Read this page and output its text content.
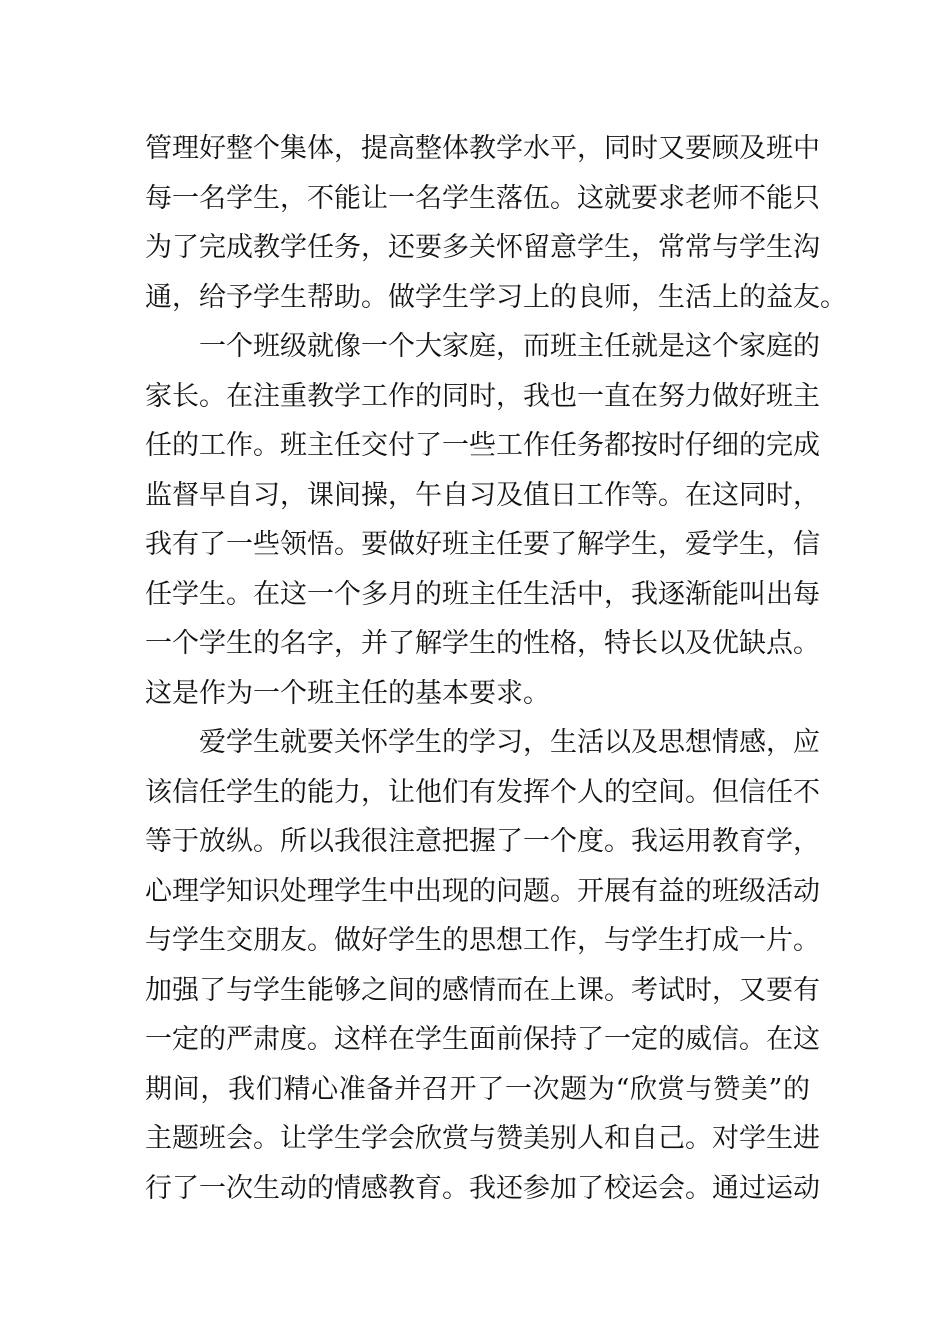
管理好整个集体，提高整体教学水平，同时又要顾及班中
每一名学生，不能让一名学生落伍。这就要求老师不能只
为了完成教学任务，还要多关怀留意学生，常常与学生沟
通，给予学生帮助。做学生学习上的良师，生活上的益友。
一个班级就像一个大家庭，而班主任就是这个家庭的
家长。在注重教学工作的同时，我也一直在努力做好班主
任的工作。班主任交付了一些工作任务都按时仔细的完成
监督早自习，课间操，午自习及值日工作等。在这同时，
我有了一些领悟。要做好班主任要了解学生，爱学生，信
任学生。在这一个多月的班主任生活中，我逐渐能叫出每
一个学生的名字，并了解学生的性格，特长以及优缺点。
这是作为一个班主任的基本要求。
爱学生就要关怀学生的学习，生活以及思想情感，应
该信任学生的能力，让他们有发挥个人的空间。但信任不
等于放纵。所以我很注意把握了一个度。我运用教育学，
心理学知识处理学生中出现的问题。开展有益的班级活动
与学生交朋友。做好学生的思想工作，与学生打成一片。
加强了与学生能够之间的感情而在上课。考试时，又要有
一定的严肃度。这样在学生面前保持了一定的威信。在这
期间，我们精心准备并召开了一次题为“欣赏与赞美”的
主题班会。让学生学会欣赏与赞美别人和自己。对学生进
行了一次生动的情感教育。我还参加了校运会。通过运动
